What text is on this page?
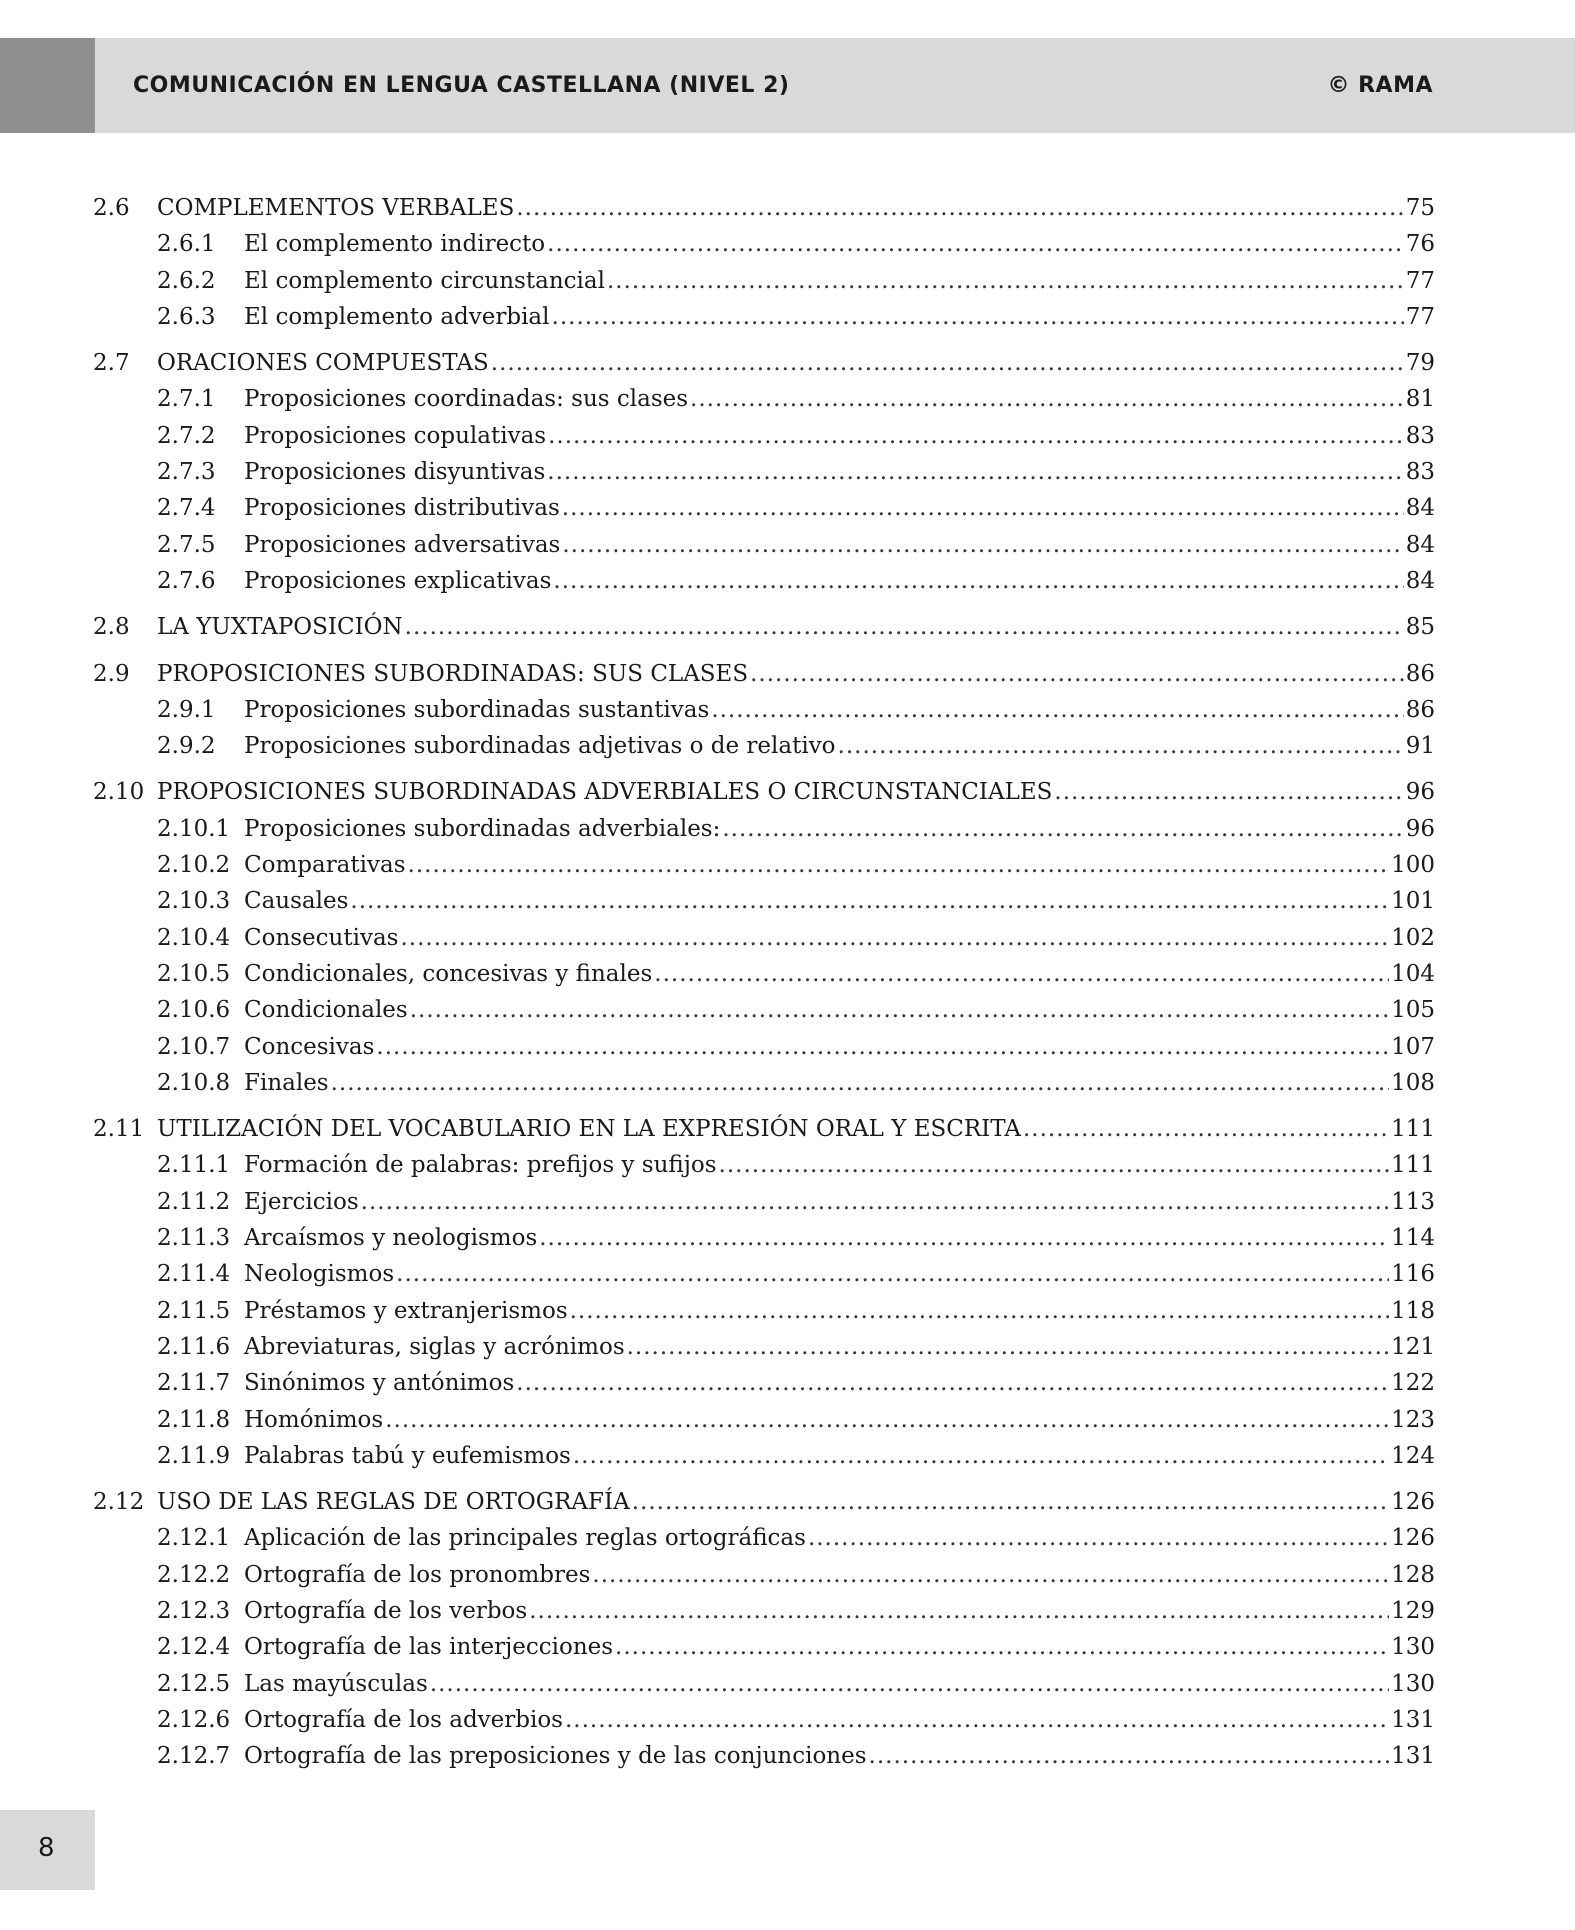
COMUNICACIÓN EN LENGUA CASTELLANA (NIVEL 2)	© RAMA
2.6	COMPLEMENTOS VERBALES .....	75
2.6.1	El complemento indirecto .....	76
2.6.2	El complemento circunstancial .....	77
2.6.3	El complemento adverbial .....	77
2.7	ORACIONES COMPUESTAS .....	79
2.7.1	Proposiciones coordinadas: sus clases .....	81
2.7.2	Proposiciones copulativas .....	83
2.7.3	Proposiciones disyuntivas .....	83
2.7.4	Proposiciones distributivas .....	84
2.7.5	Proposiciones adversativas .....	84
2.7.6	Proposiciones explicativas .....	84
2.8	LA YUXTAPOSICIÓN .....	85
2.9	PROPOSICIONES SUBORDINADAS: SUS CLASES .....	86
2.9.1	Proposiciones subordinadas sustantivas .....	86
2.9.2	Proposiciones subordinadas adjetivas o de relativo .....	91
2.10 PROPOSICIONES SUBORDINADAS ADVERBIALES O CIRCUNSTANCIALES .....	96
2.10.1 Proposiciones subordinadas adverbiales: .....	96
2.10.2 Comparativas .....	100
2.10.3 Causales .....	101
2.10.4 Consecutivas .....	102
2.10.5 Condicionales, concesivas y finales .....	104
2.10.6 Condicionales .....	105
2.10.7 Concesivas .....	107
2.10.8 Finales .....	108
2.11 UTILIZACIÓN DEL VOCABULARIO EN LA EXPRESIÓN ORAL Y ESCRITA .....	111
2.11.1 Formación de palabras: prefijos y sufijos .....	111
2.11.2 Ejercicios .....	113
2.11.3 Arcaísmos y neologismos .....	114
2.11.4 Neologismos .....	116
2.11.5 Préstamos y extranjerismos .....	118
2.11.6 Abreviaturas, siglas y acrónimos .....	121
2.11.7 Sinónimos y antónimos .....	122
2.11.8 Homónimos .....	123
2.11.9 Palabras tabú y eufemismos .....	124
2.12 USO DE LAS REGLAS DE ORTOGRAFÍA .....	126
2.12.1 Aplicación de las principales reglas ortográficas .....	126
2.12.2 Ortografía de los pronombres .....	128
2.12.3 Ortografía de los verbos .....	129
2.12.4 Ortografía de las interjecciones .....	130
2.12.5 Las mayúsculas .....	130
2.12.6 Ortografía de los adverbios .....	131
2.12.7 Ortografía de las preposiciones y de las conjunciones .....	131
8
